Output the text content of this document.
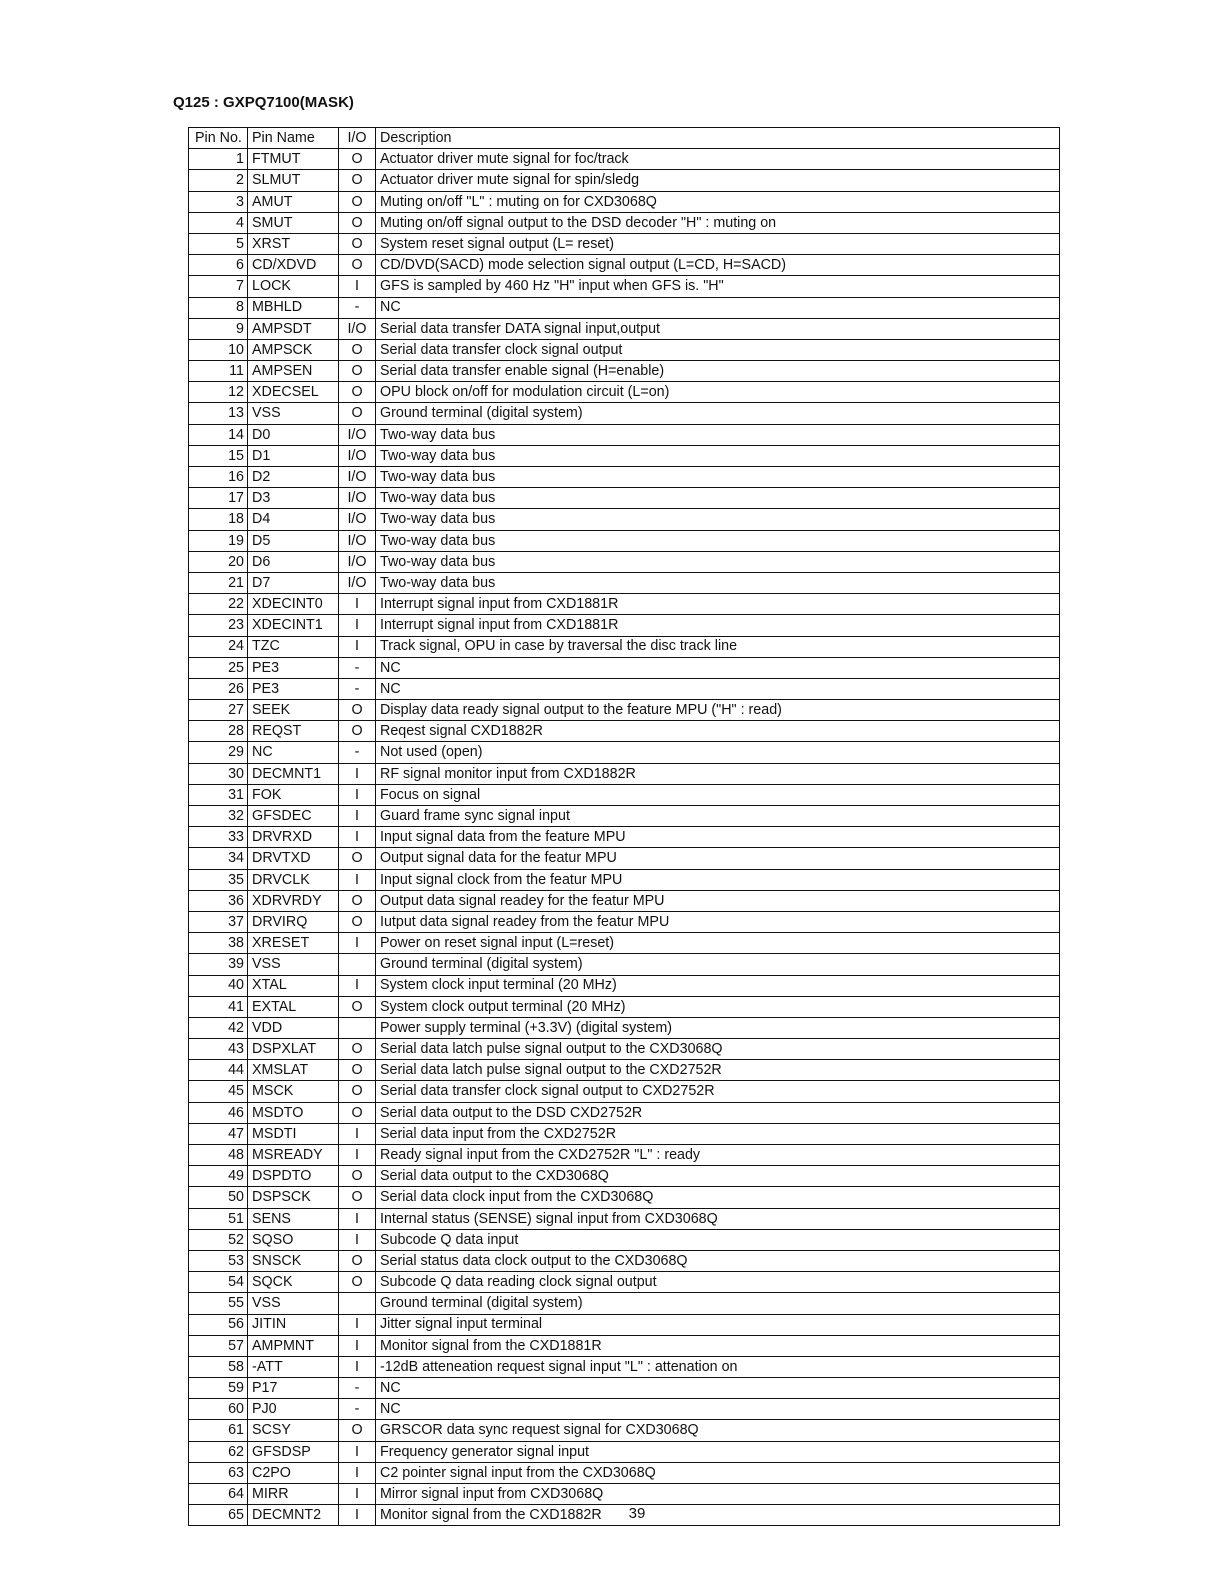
Q125 : GXPQ7100(MASK)
Pin No.	Pin Name	I/O	Description
1	FTMUT	O	Actuator driver mute signal for foc/track
2	SLMUT	O	Actuator driver mute signal for spin/sledg
3	AMUT	O	Muting on/off "L" : muting on for CXD3068Q
4	SMUT	O	Muting on/off signal output to the DSD decoder "H" : muting on
5	XRST	O	System reset signal output (L= reset)
6	CD/XDVD	O	CD/DVD(SACD) mode selection signal output (L=CD, H=SACD)
7	LOCK	I	GFS is sampled by 460 Hz "H" input when GFS is. "H"
8	MBHLD	-	NC
9	AMPSDT	I/O	Serial data transfer DATA signal input,output
10	AMPSCK	O	Serial data transfer clock signal output
11	AMPSEN	O	Serial data transfer enable signal (H=enable)
12	XDECSEL	O	OPU block on/off for modulation circuit (L=on)
13	VSS	O	Ground terminal (digital system)
14	D0	I/O	Two-way data bus
15	D1	I/O	Two-way data bus
16	D2	I/O	Two-way data bus
17	D3	I/O	Two-way data bus
18	D4	I/O	Two-way data bus
19	D5	I/O	Two-way data bus
20	D6	I/O	Two-way data bus
21	D7	I/O	Two-way data bus
22	XDECINT0	I	Interrupt signal input from CXD1881R
23	XDECINT1	I	Interrupt signal input from CXD1881R
24	TZC	I	Track signal, OPU in case by traversal the disc track line
25	PE3	-	NC
26	PE3	-	NC
27	SEEK	O	Display data ready signal output to the feature MPU ("H" : read)
28	REQST	O	Reqest signal CXD1882R
29	NC	-	Not used (open)
30	DECMNT1	I	RF signal monitor input from CXD1882R
31	FOK	I	Focus on signal
32	GFSDEC	I	Guard frame sync signal input
33	DRVRXD	I	Input signal data from the feature MPU
34	DRVTXD	O	Output signal data for the featur MPU
35	DRVCLK	I	Input signal clock from the featur MPU
36	XDRVRDY	O	Output data signal readey for the featur MPU
37	DRVIRQ	O	Iutput data signal readey from the featur MPU
38	XRESET	I	Power on reset signal input (L=reset)
39	VSS		Ground terminal (digital system)
40	XTAL	I	System clock input terminal (20 MHz)
41	EXTAL	O	System clock output terminal (20 MHz)
42	VDD		Power supply terminal (+3.3V) (digital system)
43	DSPXLAT	O	Serial data latch pulse signal output to the CXD3068Q
44	XMSLAT	O	Serial data latch pulse signal output to the CXD2752R
45	MSCK	O	Serial data transfer clock signal output to CXD2752R
46	MSDTO	O	Serial data output to the DSD CXD2752R
47	MSDTI	I	Serial data input from the CXD2752R
48	MSREADY	I	Ready signal input from the CXD2752R "L" : ready
49	DSPDTO	O	Serial data output to the CXD3068Q
50	DSPSCK	O	Serial data clock input from the CXD3068Q
51	SENS	I	Internal status (SENSE) signal input from CXD3068Q
52	SQSO	I	Subcode Q data input
53	SNSCK	O	Serial status data clock output to the CXD3068Q
54	SQCK	O	Subcode Q data reading clock signal output
55	VSS		Ground terminal (digital system)
56	JITIN	I	Jitter signal input terminal
57	AMPMNT	I	Monitor signal from the CXD1881R
58	-ATT	I	-12dB atteneation request signal input "L" : attenation on
59	P17	-	NC
60	PJ0	-	NC
61	SCSY	O	GRSCOR data sync request signal for CXD3068Q
62	GFSDSP	I	Frequency generator signal input
63	C2PO	I	C2 pointer signal input from the CXD3068Q
64	MIRR	I	Mirror signal input from CXD3068Q
65	DECMNT2	I	Monitor signal from the CXD1882R	39
